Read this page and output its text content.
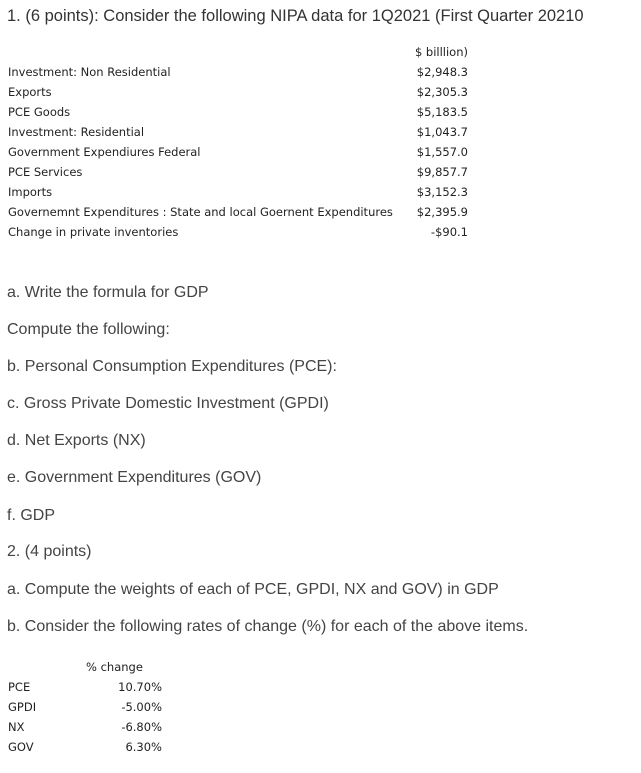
1. (6 points): Consider the following NIPA data for 1Q2021 (First Quarter 20210
	$ billlion)
Investment: Non Residential	$2,948.3
Exports	$2,305.3
PCE Goods	$5,183.5
Investment: Residential	$1,043.7
Government Expendiures Federal	$1,557.0
PCE Services	$9,857.7
Imports	$3,152.3
Governemnt Expenditures : State and local Goernent Expenditures	$2,395.9
Change in private inventories	-$90.1
a. Write the formula for GDP
Compute the following:
b. Personal Consumption Expenditures (PCE):
c. Gross Private Domestic Investment (GPDI)
d. Net Exports (NX)
e. Government Expenditures (GOV)
f. GDP
2. (4 points)
a. Compute the weights of each of PCE, GPDI, NX and GOV) in GDP
b. Consider the following rates of change (%) for each of the above items.
	% change
PCE	10.70%
GPDI	-5.00%
NX	-6.80%
GOV	6.30%
